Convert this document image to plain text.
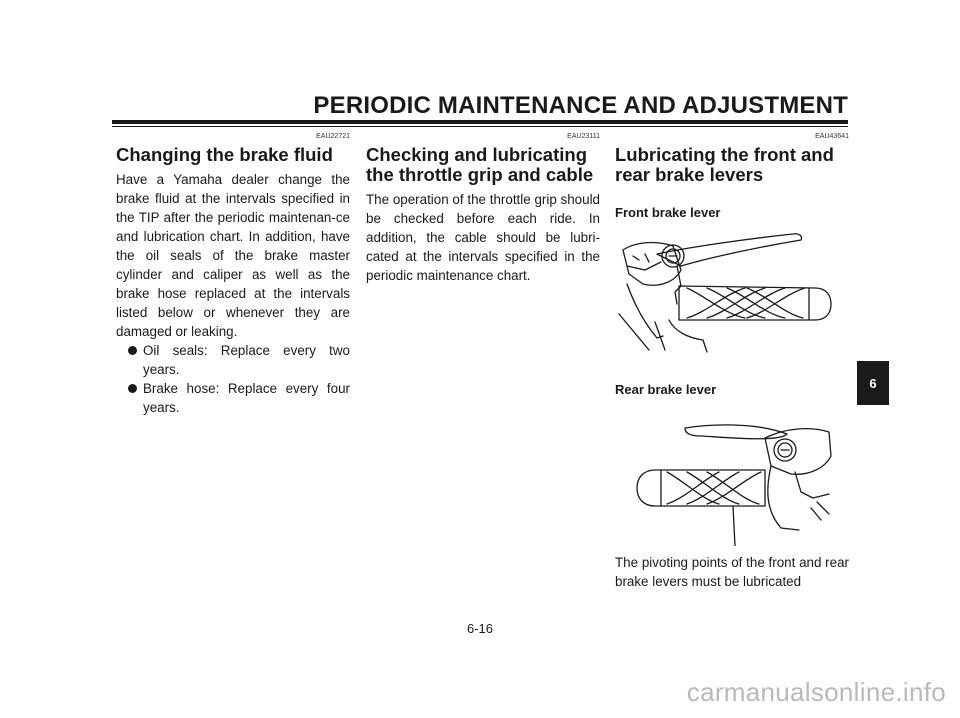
PERIODIC MAINTENANCE AND ADJUSTMENT
EAU22721
Changing the brake fluid

Have a Yamaha dealer change the brake fluid at the intervals specified in the TIP after the periodic maintenan-ce and lubrication chart. In addition, have the oil seals of the brake master cylinder and caliper as well as the brake hose replaced at the intervals listed below or whenever they are damaged or leaking.

Oil seals: Replace every two years.
Brake hose: Replace every four years.
EAU23111
Checking and lubricating the throttle grip and cable

The operation of the throttle grip should be checked before each ride. In addition, the cable should be lubri-cated at the intervals specified in the periodic maintenance chart.

EAU43641
Lubricating the front and rear brake levers

Front brake lever

Rear brake lever

The pivoting points of the front and rear brake levers must be lubricated

6
6-16
carmanualsonline.info
